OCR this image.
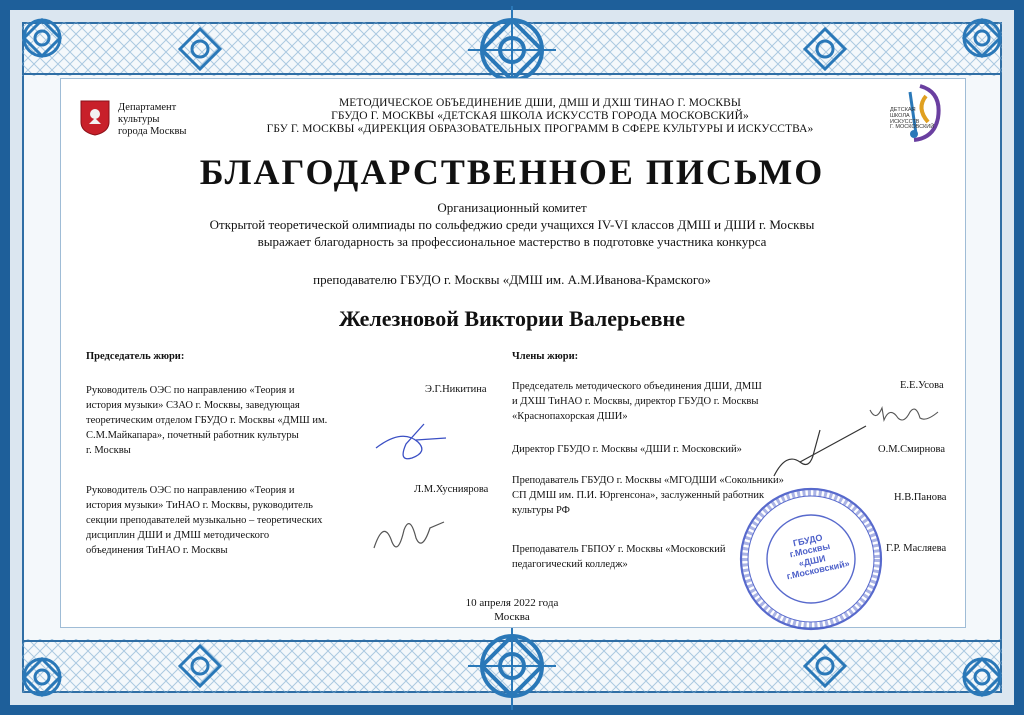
Департамент
культуры
города Москвы
МЕТОДИЧЕСКОЕ ОБЪЕДИНЕНИЕ ДШИ, ДМШ И ДХШ ТИНАО Г. МОСКВЫ
ГБУДО Г. МОСКВЫ «ДЕТСКАЯ ШКОЛА ИСКУССТВ ГОРОДА МОСКОВСКИЙ»
ГБУ Г. МОСКВЫ «ДИРЕКЦИЯ ОБРАЗОВАТЕЛЬНЫХ ПРОГРАММ В СФЕРЕ КУЛЬТУРЫ И ИСКУССТВА»
ДЕТСКАЯ
ШКОЛА
ИСКУССТВ
Г. МОСКОВСКИЙ
БЛАГОДАРСТВЕННОЕ ПИСЬМО
Организационный комитет
Открытой теоретической олимпиады по сольфеджио среди учащихся IV-VI классов ДМШ и ДШИ г. Москвы
выражает благодарность за профессиональное мастерство в подготовке участника конкурса
преподавателю ГБУДО г. Москвы «ДМШ им. А.М.Иванова-Крамского»
Железновой Виктории Валерьевне
Председатель жюри:
Руководитель ОЭС по направлению «Теория и
история музыки» СЗАО г. Москвы, заведующая
теоретическим отделом ГБУДО г. Москвы «ДМШ им.
С.М.Майкапара», почетный работник культуры
г. Москвы
Э.Г.Никитина
Руководитель ОЭС по направлению «Теория и
история музыки» ТиНАО г. Москвы, руководитель
секции преподавателей музыкально – теоретических
дисциплин ДШИ и ДМШ методического
объединения ТиНАО г. Москвы
Л.М.Хусниярова
Члены жюри:
Председатель методического объединения ДШИ, ДМШ
и ДХШ ТиНАО г. Москвы, директор ГБУДО г. Москвы
«Краснопахорская ДШИ»
Е.Е.Усова
Директор ГБУДО г. Москвы «ДШИ г. Московский»	О.М.Смирнова
Преподаватель ГБУДО г. Москвы «МГОДШИ «Сокольники»
СП ДМШ им. П.И. Юргенсона», заслуженный работник
культуры РФ
Н.В.Панова
Преподаватель ГБПОУ г. Москвы «Московский
педагогический колледж»
Г.Р. Масляева
ГБУДО
г.Москвы
«ДШИ
г.Московский»
10 апреля 2022 года
Москва
